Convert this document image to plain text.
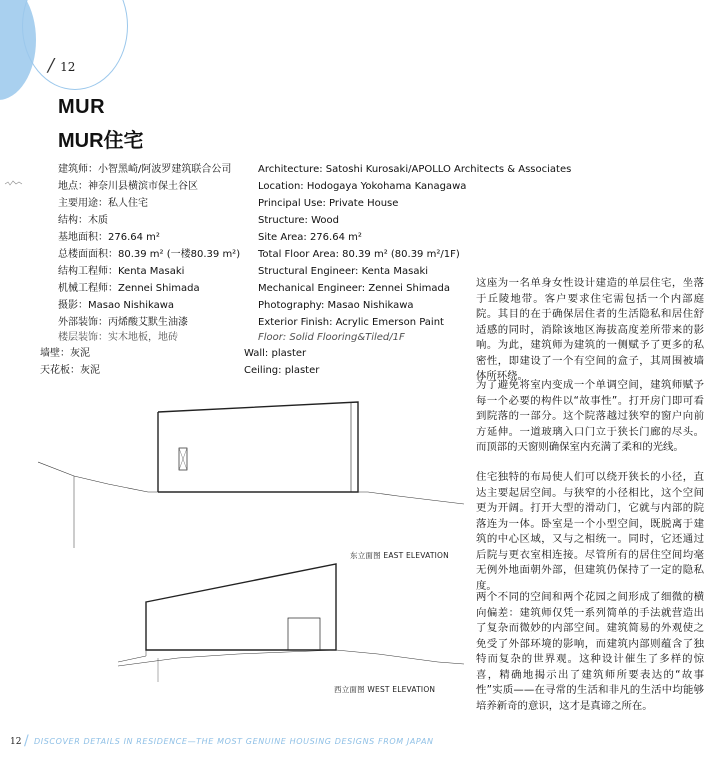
/ 12
MUR
MUR住宅
建筑师：小智黑崎/阿波罗建筑联合公司
地点：神奈川县横滨市保土谷区
主要用途：私人住宅
结构：木质
基地面积：276.64 m²
总楼面面积：80.39 m² (一楼80.39 m²)
结构工程师：Kenta Masaki
机械工程师：Zennei Shimada
摄影：Masao Nishikawa
外部装饰：丙烯酸艾默生油漆
楼层装饰：实木地板，地砖
Architecture: Satoshi Kurosaki/APOLLO Architects & Associates
Location: Hodogaya Yokohama Kanagawa
Principal Use: Private House
Structure: Wood
Site Area: 276.64 m²
Total Floor Area: 80.39 m² (80.39 m²/1F)
Structural Engineer: Kenta Masaki
Mechanical Engineer: Zennei Shimada
Photography: Masao Nishikawa
Exterior Finish: Acrylic Emerson Paint
Floor: Solid Flooring&Tiled/1F
墙壁：灰泥
天花板：灰泥
Wall: plaster
Ceiling: plaster
这座为一名单身女性设计建造的单层住宅，坐落于丘陵地带。客户要求住宅需包括一个内部庭院。其目的在于确保居住者的生活隐私和居住舒适感的同时，消除该地区海拔高度差所带来的影响。为此，建筑师为建筑的一侧赋予了更多的私密性，即建设了一个有空间的盒子，其周围被墙体所环绕。
为了避免将室内变成一个单调空间，建筑师赋予每一个必要的构件以“故事性”。打开房门即可看到院落的一部分。这个院落越过狭窄的窗户向前方延伸。一道玻璃入口门立于狭长门廊的尽头。而顶部的天窗则确保室内充满了柔和的光线。
住宅独特的布局使人们可以绕开狭长的小径，直达主要起居空间。与狭窄的小径相比，这个空间更为开阔。打开大型的滑动门，它就与内部的院落连为一体。卧室是一个小型空间，既脱离于建筑的中心区域，又与之相统一。同时，它还通过后院与更衣室相连接。尽管所有的居住空间均毫无例外地面朝外部，但建筑仍保持了一定的隐私度。
两个不同的空间和两个花园之间形成了细微的横向偏差：建筑师仅凭一系列简单的手法就营造出了复杂而微妙的内部空间。建筑简易的外观使之免受了外部环境的影响，而建筑内部则蕴含了独特而复杂的世界观。这种设计催生了多样的惊喜，精确地揭示出了建筑师所要表达的“故事性”实质——在寻常的生活和非凡的生活中均能够培养新奇的意识，这才是真谛之所在。
东立面图 EAST ELEVATION
西立面图 WEST ELEVATION
12 / DISCOVER DETAILS IN RESIDENCE—THE MOST GENUINE HOUSING DESIGNS FROM JAPAN
